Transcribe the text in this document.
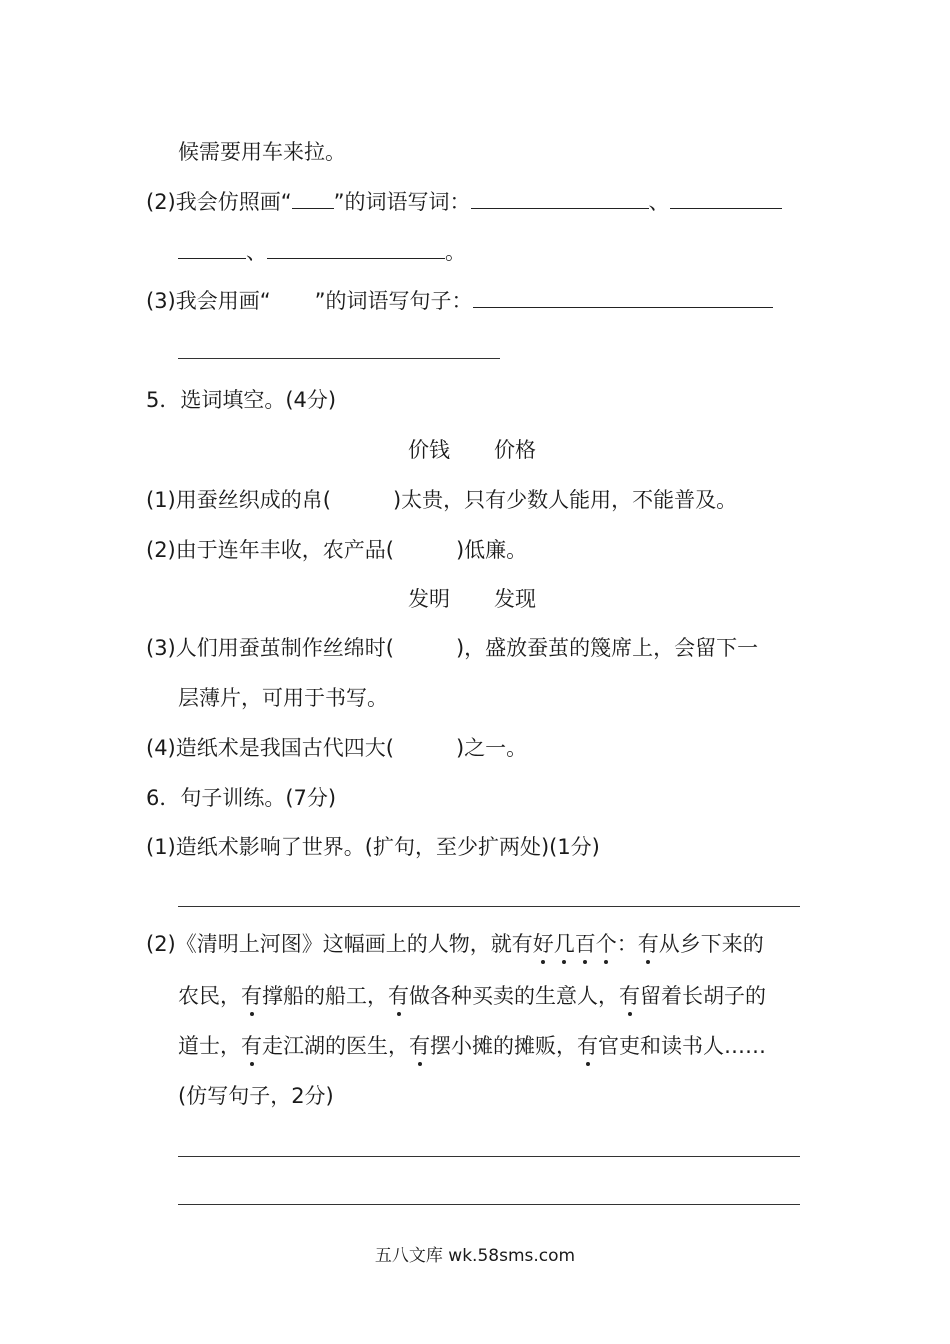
候需要用车来拉。
(2)我会仿照画“ ”的词语写词：	、
、	。
(3)我会用画“ ”的词语写句子：
5．选词填空。(4分)
价钱 价格
(1)用蚕丝织成的帛(	)太贵，只有少数人能用，不能普及。
(2)由于连年丰收，农产品(	)低廉。
发明 发现
(3)人们用蚕茧制作丝绵时(	)，盛放蚕茧的篾席上，会留下一
层薄片，可用于书写。
(4)造纸术是我国古代四大(	)之一。
6．句子训练。(7分)
(1)造纸术影响了世界。(扩句，至少扩两处)(1分)
(2)《清明上河图》这幅画上的人物，就有好几百个：有从乡下来的
农民，有撑船的船工，有做各种买卖的生意人，有留着长胡子的
道士，有走江湖的医生，有摆小摊的摊贩，有官吏和读书人……
(仿写句子，2分)
五八文库 wk.58sms.com
